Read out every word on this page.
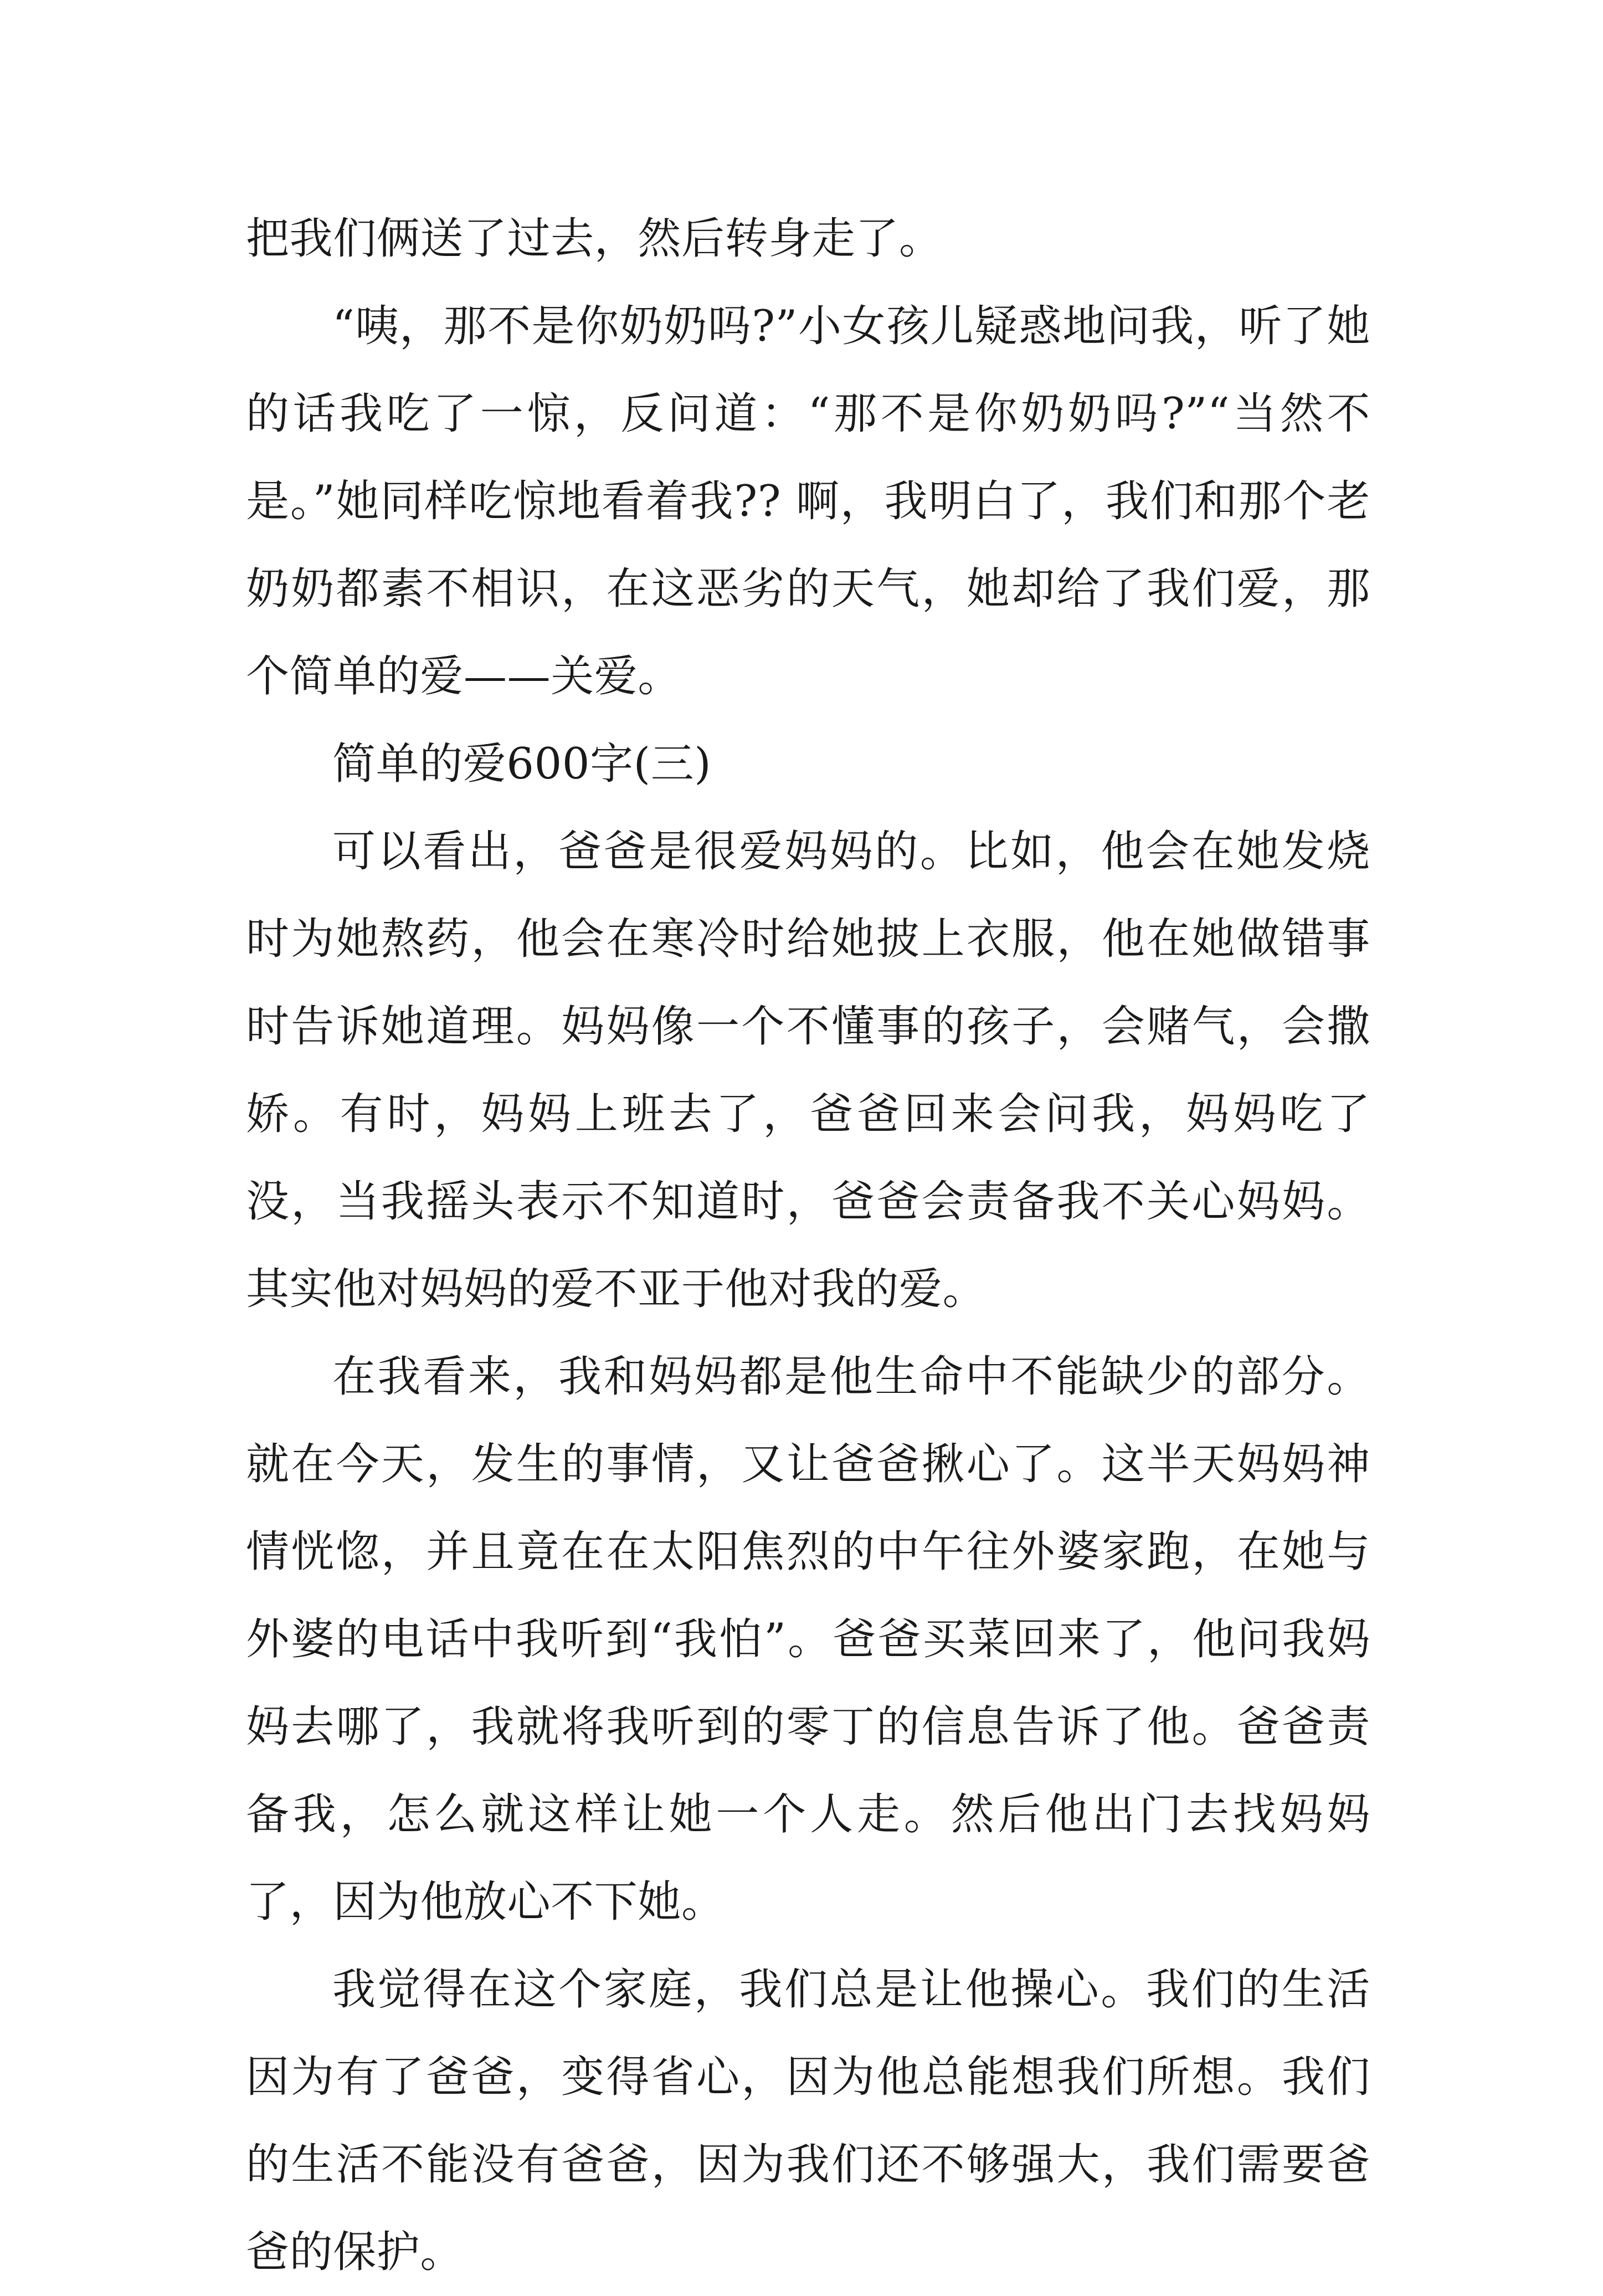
把我们俩送了过去，然后转身走了。

“咦，那不是你奶奶吗?”小女孩儿疑惑地问我，听了她的话我吃了一惊，反问道：“那不是你奶奶吗?”“当然不是。”她同样吃惊地看着我?? 啊，我明白了，我们和那个老奶奶都素不相识，在这恶劣的天气，她却给了我们爱，那个简单的爱——关爱。

简单的爱600字(三)

可以看出，爸爸是很爱妈妈的。比如，他会在她发烧时为她熬药，他会在寒冷时给她披上衣服，他在她做错事时告诉她道理。妈妈像一个不懂事的孩子，会赌气，会撒娇。有时，妈妈上班去了，爸爸回来会问我，妈妈吃了没，当我摇头表示不知道时，爸爸会责备我不关心妈妈。其实他对妈妈的爱不亚于他对我的爱。

在我看来，我和妈妈都是他生命中不能缺少的部分。就在今天，发生的事情，又让爸爸揪心了。这半天妈妈神情恍惚，并且竟在在太阳焦烈的中午往外婆家跑，在她与外婆的电话中我听到“我怕”。爸爸买菜回来了，他问我妈妈去哪了，我就将我听到的零丁的信息告诉了他。爸爸责备我，怎么就这样让她一个人走。然后他出门去找妈妈了，因为他放心不下她。

我觉得在这个家庭，我们总是让他操心。我们的生活因为有了爸爸，变得省心，因为他总能想我们所想。我们的生活不能没有爸爸，因为我们还不够强大，我们需要爸爸的保护。
